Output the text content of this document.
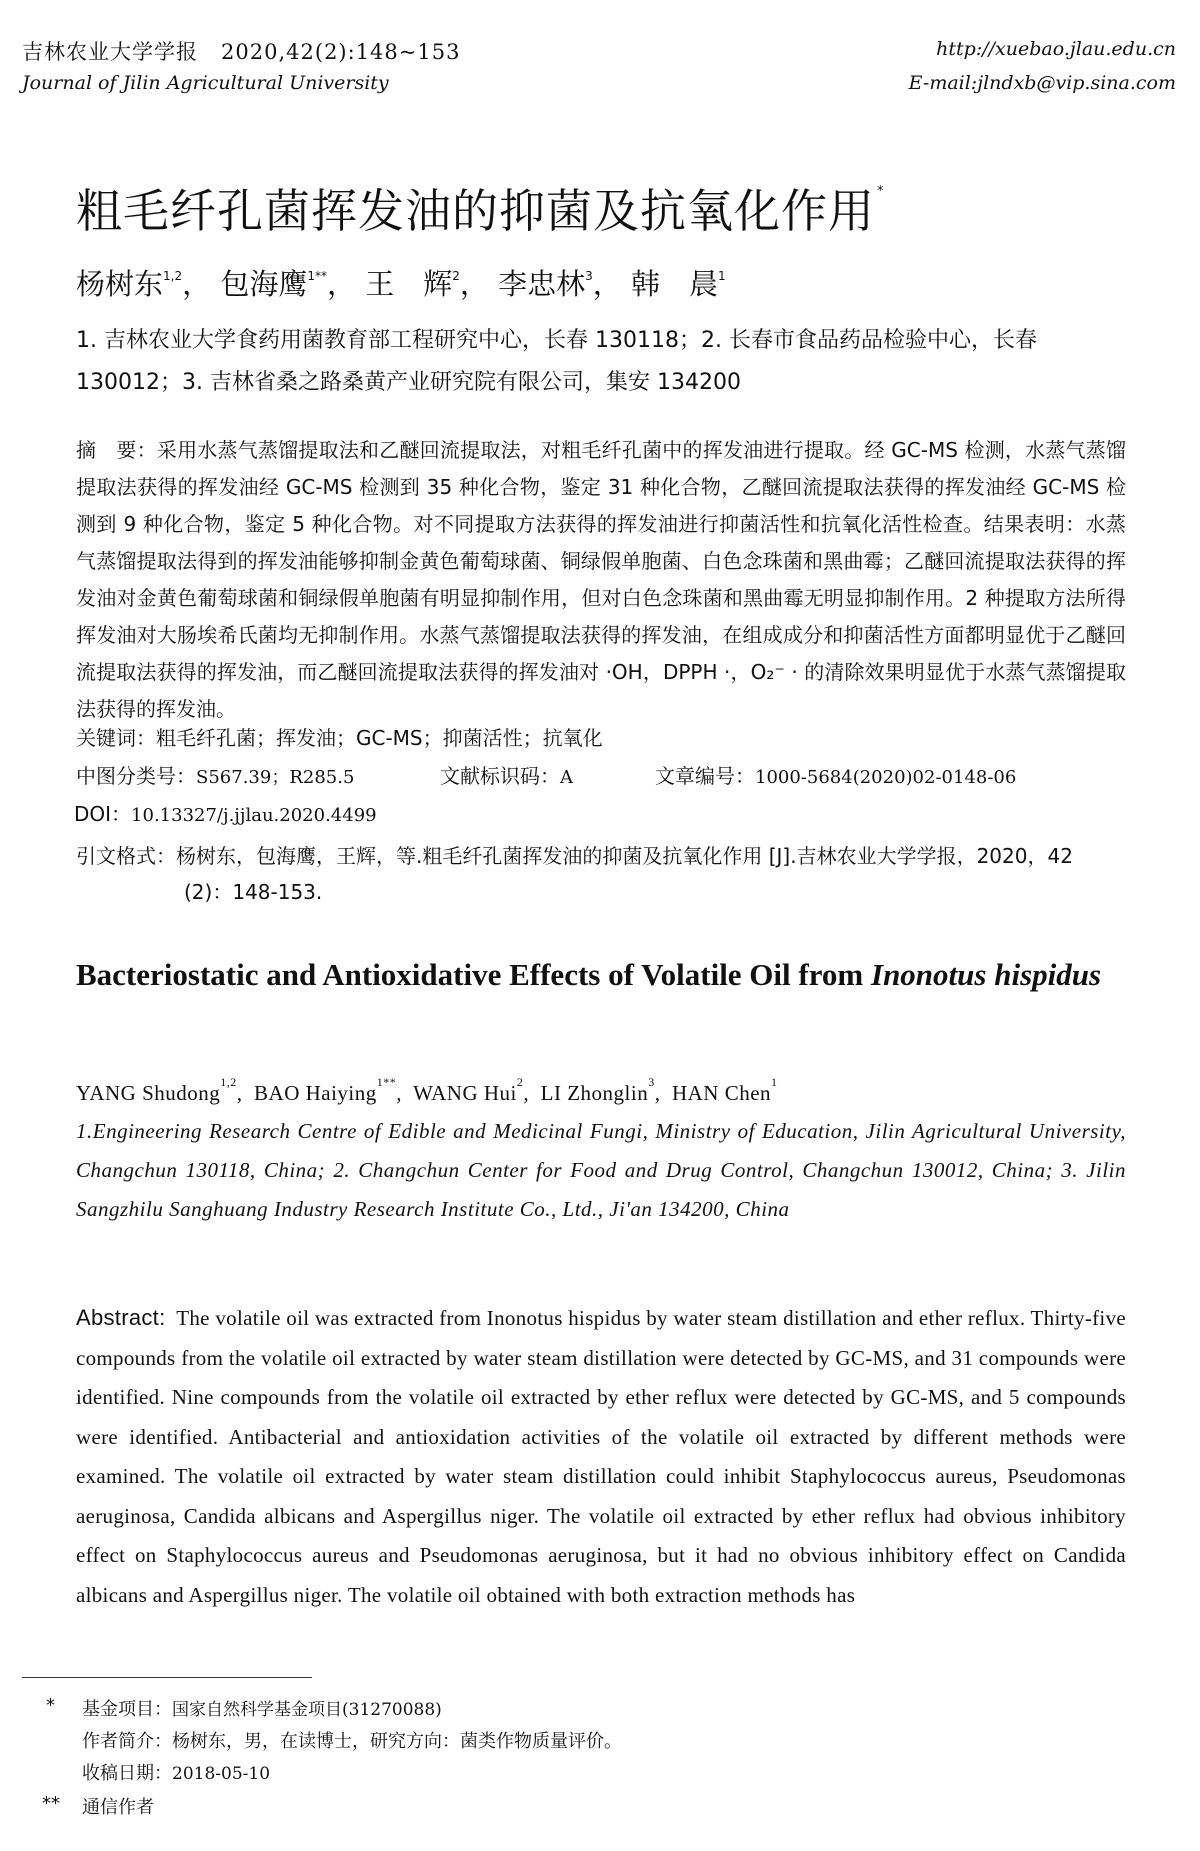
吉林农业大学学报 2020,42(2):148~153
Journal of Jilin Agricultural University
http://xuebao.jlau.edu.cn
E-mail:jlndxb@vip.sina.com
粗毛纤孔菌挥发油的抑菌及抗氧化作用 *
杨树东$^{1,2}$， 包海鹰$^{1**}$， 王　辉$^2$， 李忠林$^3$， 韩　晨$^1$
1. 吉林农业大学食药用菌教育部工程研究中心，长春 130118；2. 长春市食品药品检验中心，长春 130012；3. 吉林省桑之路桑黄产业研究院有限公司，集安 134200
摘　要：采用水蒸气蒸馏提取法和乙醚回流提取法，对粗毛纤孔菌中的挥发油进行提取。经 GC-MS 检测，水蒸气蒸馏提取法获得的挥发油经 GC-MS 检测到 35 种化合物，鉴定 31 种化合物，乙醚回流提取法获得的挥发油经 GC-MS 检测到 9 种化合物，鉴定 5 种化合物。对不同提取方法获得的挥发油进行抑菌活性和抗氧化活性检查。结果表明：水蒸气蒸馏提取法得到的挥发油能够抑制金黄色葡萄球菌、铜绿假单胞菌、白色念珠菌和黑曲霉；乙醚回流提取法获得的挥发油对金黄色葡萄球菌和铜绿假单胞菌有明显抑制作用，但对白色念珠菌和黑曲霉无明显抑制作用。2 种提取方法所得挥发油对大肠埃希氏菌均无抑制作用。水蒸气蒸馏提取法获得的挥发油，在组成成分和抑菌活性方面都明显优于乙醚回流提取法获得的挥发油，而乙醚回流提取法获得的挥发油对 ·OH，DPPH ·，O₂⁻ · 的清除效果明显优于水蒸气蒸馏提取法获得的挥发油。
关键词：粗毛纤孔菌；挥发油；GC-MS；抑菌活性；抗氧化
中图分类号：S567.39；R285.5	文献标识码：A	文章编号：1000-5684(2020)02-0148-06
DOI：10.13327/j.jjlau.2020.4499
引文格式：杨树东，包海鹰，王辉，等.粗毛纤孔菌挥发油的抑菌及抗氧化作用 [J].吉林农业大学学报，2020，42
(2)：148-153.
Bacteriostatic and Antioxidative Effects of Volatile Oil from Inonotus hispidus
YANG Shudong$^{1,2}$,  BAO Haiying$^{1**}$,  WANG Hui$^2$,  LI Zhonglin$^3$,  HAN Chen$^1$
1.Engineering Research Centre of Edible and Medicinal Fungi, Ministry of Education, Jilin Agricultural University, Changchun 130118, China; 2. Changchun Center for Food and Drug Control, Changchun 130012, China; 3. Jilin Sangzhilu Sanghuang Industry Research Institute Co., Ltd., Ji'an 134200, China
Abstract: The volatile oil was extracted from Inonotus hispidus by water steam distillation and ether reflux. Thirty-five compounds from the volatile oil extracted by water steam distillation were detected by GC-MS, and 31 compounds were identified. Nine compounds from the volatile oil extracted by ether reflux were detected by GC-MS, and 5 compounds were identified. Antibacterial and antioxidation activities of the volatile oil extracted by different methods were examined. The volatile oil extracted by water steam distillation could inhibit Staphylococcus aureus, Pseudomonas aeruginosa, Candida albicans and Aspergillus niger. The volatile oil extracted by ether reflux had obvious inhibitory effect on Staphylococcus aureus and Pseudomonas aeruginosa, but it had no obvious inhibitory effect on Candida albicans and Aspergillus niger. The volatile oil obtained with both extraction methods has
* 基金项目：国家自然科学基金项目(31270088)
作者简介：杨树东，男，在读博士，研究方向：菌类作物质量评价。
收稿日期：2018-05-10
** 通信作者
